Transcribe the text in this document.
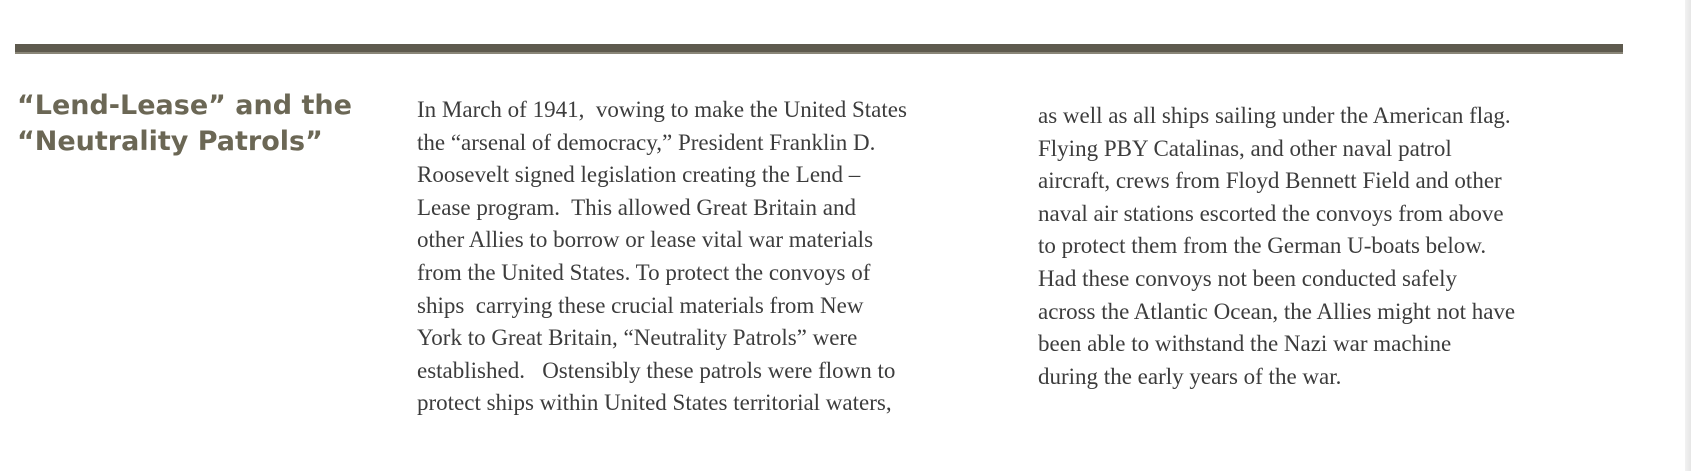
“Lend-Lease” and the
“Neutrality Patrols”

In March of 1941,  vowing to make the United States
the “arsenal of democracy,” President Franklin D.
Roosevelt signed legislation creating the Lend –
Lease program.  This allowed Great Britain and
other Allies to borrow or lease vital war materials
from the United States. To protect the convoys of
ships  carrying these crucial materials from New
York to Great Britain, “Neutrality Patrols” were
established.   Ostensibly these patrols were flown to
protect ships within United States territorial waters,

as well as all ships sailing under the American flag.
Flying PBY Catalinas, and other naval patrol
aircraft, crews from Floyd Bennett Field and other
naval air stations escorted the convoys from above
to protect them from the German U-boats below.
Had these convoys not been conducted safely
across the Atlantic Ocean, the Allies might not have
been able to withstand the Nazi war machine
during the early years of the war.
